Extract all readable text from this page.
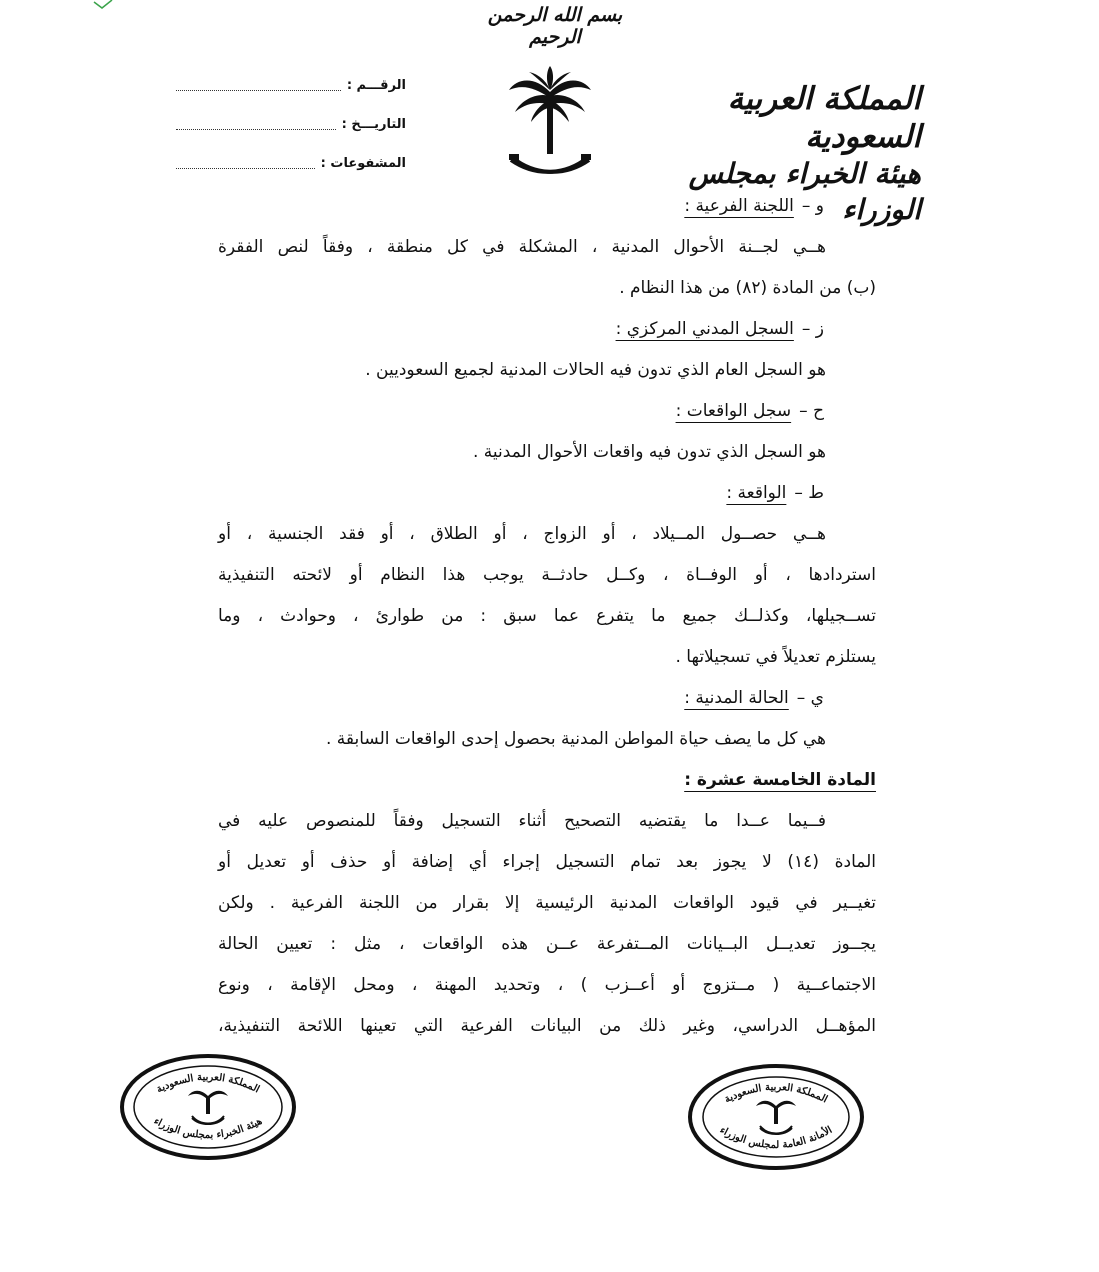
بسم الله الرحمن الرحيم
الرقـــم :
التاريـــخ :
المشفوعات :
المملكة العربية السعودية
هيئة الخبراء بمجلس الوزراء
و –اللجنة الفرعية :
هــي لجــنة الأحوال المدنية ، المشكلة في كل منطقة ، وفقاً لنص الفقرة
(ب) من المادة (٨٢) من هذا النظام .
ز –السجل المدني المركزي :
هو السجل العام الذي تدون فيه الحالات المدنية لجميع السعوديين .
ح –سجل الواقعات :
هو السجل الذي تدون فيه واقعات الأحوال المدنية .
ط –الواقعة :
هــي حصــول المــيلاد ، أو الزواج ، أو الطلاق ، أو فقد الجنسية ، أو
استردادها ، أو الوفــاة ، وكــل حادثــة يوجب هذا النظام أو لائحته التنفيذية
تســجيلها، وكذلــك جميع ما يتفرع عما سبق : من طوارئ ، وحوادث ، وما
يستلزم تعديلاً في تسجيلاتها .
ي –الحالة المدنية :
هي كل ما يصف حياة المواطن المدنية بحصول إحدى الواقعات السابقة .
المادة الخامسة عشرة :
فــيما عــدا ما يقتضيه التصحيح أثناء التسجيل وفقاً للمنصوص عليه في
المادة (١٤) لا يجوز بعد تمام التسجيل إجراء أي إضافة أو حذف أو تعديل أو
تغيــير في قيود الواقعات المدنية الرئيسية إلا بقرار من اللجنة الفرعية . ولكن
يجــوز تعديــل البــيانات المــتفرعة عــن هذه الواقعات ، مثل : تعيين الحالة
الاجتماعــية ( مــتزوج أو أعــزب ) ، وتحديد المهنة ، ومحل الإقامة ، ونوع
المؤهــل الدراسي، وغير ذلك من البيانات الفرعية التي تعينها اللائحة التنفيذية،
المملكة العربية السعودية
هيئة الخبراء بمجلس الوزراء
المملكة العربية السعودية
الأمانة العامة لمجلس الوزراء
